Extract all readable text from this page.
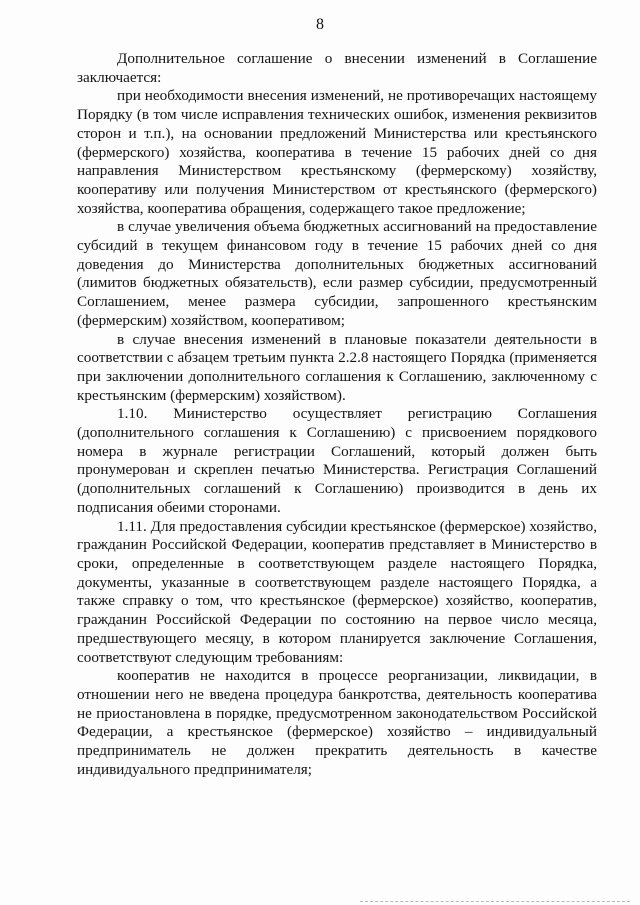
8

Дополнительное соглашение о внесении изменений в Соглашение заключается:

при необходимости внесения изменений, не противоречащих настоящему Порядку (в том числе исправления технических ошибок, изменения реквизитов сторон и т.п.), на основании предложений Министерства или крестьянского (фермерского) хозяйства, кооператива в течение 15 рабочих дней со дня направления Министерством крестьянскому (фермерскому) хозяйству, кооперативу или получения Министерством от крестьянского (фермерского) хозяйства, кооператива обращения, содержащего такое предложение;

в случае увеличения объема бюджетных ассигнований на предоставление субсидий в текущем финансовом году в течение 15 рабочих дней со дня доведения до Министерства дополнительных бюджетных ассигнований (лимитов бюджетных обязательств), если размер субсидии, предусмотренный Соглашением, менее размера субсидии, запрошенного крестьянским (фермерским) хозяйством, кооперативом;

в случае внесения изменений в плановые показатели деятельности в соответствии с абзацем третьим пункта 2.2.8 настоящего Порядка (применяется при заключении дополнительного соглашения к Соглашению, заключенному с крестьянским (фермерским) хозяйством).

1.10. Министерство осуществляет регистрацию Соглашения (дополнительного соглашения к Соглашению) с присвоением порядкового номера в журнале регистрации Соглашений, который должен быть пронумерован и скреплен печатью Министерства. Регистрация Соглашений (дополнительных соглашений к Соглашению) производится в день их подписания обеими сторонами.

1.11. Для предоставления субсидии крестьянское (фермерское) хозяйство, гражданин Российской Федерации, кооператив представляет в Министерство в сроки, определенные в соответствующем разделе настоящего Порядка, документы, указанные в соответствующем разделе настоящего Порядка, а также справку о том, что крестьянское (фермерское) хозяйство, кооператив, гражданин Российской Федерации по состоянию на первое число месяца, предшествующего месяцу, в котором планируется заключение Соглашения, соответствуют следующим требованиям:

кооператив не находится в процессе реорганизации, ликвидации, в отношении него не введена процедура банкротства, деятельность кооператива не приостановлена в порядке, предусмотренном законодательством Российской Федерации, а крестьянское (фермерское) хозяйство – индивидуальный предприниматель не должен прекратить деятельность в качестве индивидуального предпринимателя;
